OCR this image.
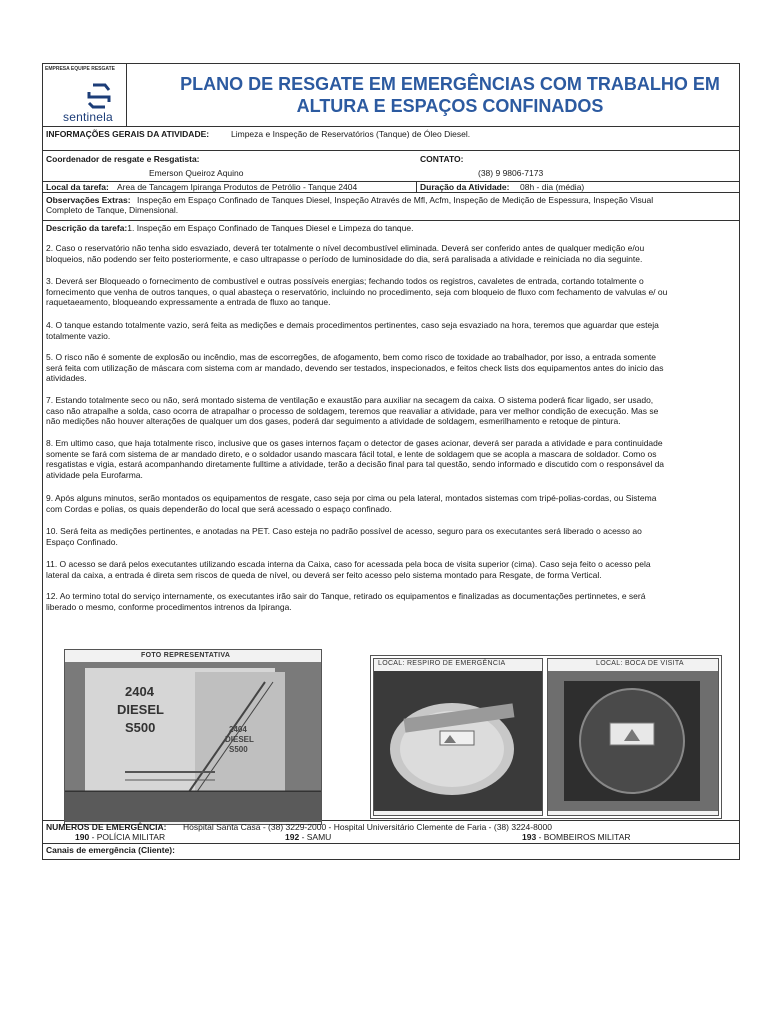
EMPRESA EQUIPE RESGATE
sentinela
PLANO DE RESGATE EM EMERGÊNCIAS COM TRABALHO EM
ALTURA E ESPAÇOS CONFINADOS
INFORMAÇÕES GERAIS DA ATIVIDADE:	Limpeza e Inspeção de Reservatórios (Tanque) de Óleo Diesel.
Coordenador de resgate e Resgatista:
Emerson Queiroz Aquino
CONTATO:
(38) 9 9806-7173
Local da tarefa: Area de Tancagem Ipiranga Produtos de Petrólio - Tanque 2404	Duração da Atividade: 08h - dia (média)
Observações Extras: Inspeção em Espaço Confinado de Tanques Diesel, Inspeção Através de Mfl, Acfm, Inspeção de Medição de Espessura, Inspeção Visual
Completo de Tanque, Dimensional.
Descrição da tarefa:1. Inspeção em Espaço Confinado de Tanques Diesel e Limpeza do tanque.
2. Caso o reservatório não tenha sido esvaziado, deverá ter totalmente o nível decombustível eliminada. Deverá ser conferido antes de qualquer medição e/ou
bloqueios, não podendo ser feito posteriormente, e caso ultrapasse o período de luminosidade do dia, será paralisada a atividade e reiniciada no dia seguinte.
3. Deverá ser Bloqueado o fornecimento de combustível e outras possíveis energias; fechando todos os registros, cavaletes de entrada, cortando totalmente o
fornecimento que venha de outros tanques, o qual abasteça o reservatório, incluindo no procedimento, seja com bloqueio de fluxo com fechamento de valvulas e/ ou
raquetaeamento, bloqueando expressamente a entrada de fluxo ao tanque.
4. O tanque estando totalmente vazio, será feita as medições e demais procedimentos pertinentes, caso seja esvaziado na hora, teremos que aguardar que esteja
totalmente vazio.
5. O risco não é somente de explosão ou incêndio, mas de escorregões, de afogamento, bem como risco de toxidade ao trabalhador, por isso, a entrada somente
será feita com utilização de máscara com sistema com ar mandado, devendo ser testados, inspecionados, e feitos check lists dos equipamentos antes do inicio das
atividades.
7. Estando totalmente seco ou não, será montado sistema de ventilação e exaustão para auxiliar na secagem da caixa. O sistema poderá ficar ligado, ser usado,
caso não atrapalhe a solda, caso ocorra de atrapalhar o processo de soldagem, teremos que reavaliar a atividade, para ver melhor condição de execução. Mas se
não medições não houver alterações de qualquer um dos gases, poderá dar seguimento a atividade de soldagem, esmerilhamento e retoque de pintura.
8. Em ultimo caso, que haja totalmente risco, inclusive que os gases internos façam o detector de gases acionar, deverá ser parada a atividade e para continuidade
somente se fará com sistema de ar mandado direto, e o soldador usando mascara fácil total, e lente de soldagem que se acopla a mascara de soldador. Como os
resgatistas e vigia, estará acompanhando diretamente fulltime a atividade, terão a decisão final para tal questão, sendo informado e discutido com o responsável da
atividade pela Eurofarma.
9. Após alguns minutos, serão montados os equipamentos de resgate, caso seja por cima ou pela lateral, montados sistemas com tripé-polias-cordas, ou Sistema
com Cordas e polias, os quais dependerão do local que será acessado o espaço confinado.
10. Será feita as medições pertinentes, e anotadas na PET. Caso esteja no padrão possível de acesso, seguro para os executantes será liberado o acesso ao
Espaço Confinado.
11. O acesso se dará pelos executantes utilizando escada interna da Caixa, caso for acessada pela boca de visita superior (cima). Caso seja feito o acesso pela
lateral da caixa, a entrada é direta sem riscos de queda de nível, ou deverá ser feito acesso pelo sistema montado para Resgate, de forma Vertical.
12. Ao termino total do serviço internamente, os executantes irão sair do Tanque, retirado os equipamentos e finalizadas as documentações pertinnetes, e será
liberado o mesmo, conforme procedimentos intrenos da Ipiranga.
FOTO REPRESENTATIVA
2404
DIESEL
S500	2404
DIESEL
S500
LOCAL: RESPIRO DE EMERGÊNCIA	LOCAL: BOCA DE VISITA
NUMEROS DE EMERGÊNCIA: Hospital Santa Casa - (38) 3229-2000 - Hospital Universitário Clemente de Faria - (38) 3224-8000
190 - POLÍCIA MILITAR	192 - SAMU	193 - BOMBEIROS MILITAR
Canais de emergência (Cliente):
